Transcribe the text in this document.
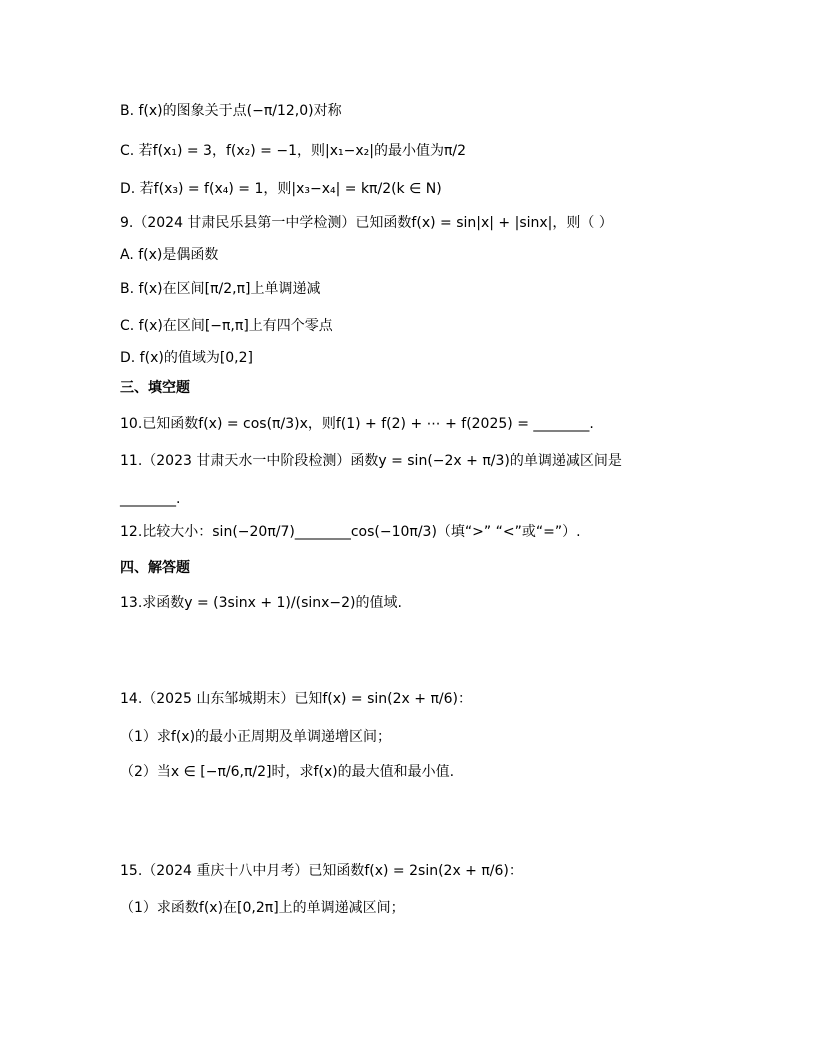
B. f(x)的图象关于点(−π/12,0)对称
C. 若f(x₁) = 3，f(x₂) = −1，则|x₁−x₂|的最小值为π/2
D. 若f(x₃) = f(x₄) = 1，则|x₃−x₄| = kπ/2(k ∈ N)
9.（2024 甘肃民乐县第一中学检测）已知函数f(x) = sin|x| + |sinx|，则（ ）
A. f(x)是偶函数
B. f(x)在区间[π/2,π]上单调递减
C. f(x)在区间[−π,π]上有四个零点
D. f(x)的值域为[0,2]
三、填空题
10.已知函数f(x) = cos(π/3)x，则f(1) + f(2) + ⋯ + f(2025) = ________.
11.（2023 甘肃天水一中阶段检测）函数y = sin(−2x + π/3)的单调递减区间是
________.
12.比较大小：sin(−20π/7)________cos(−10π/3)（填“>” “<”或“=”）.
四、解答题
13.求函数y = (3sinx + 1)/(sinx−2)的值域.
14.（2025 山东邹城期末）已知f(x) = sin(2x + π/6)：
（1）求f(x)的最小正周期及单调递增区间；
（2）当x ∈ [−π/6,π/2]时，求f(x)的最大值和最小值.
15.（2024 重庆十八中月考）已知函数f(x) = 2sin(2x + π/6)：
（1）求函数f(x)在[0,2π]上的单调递减区间；
